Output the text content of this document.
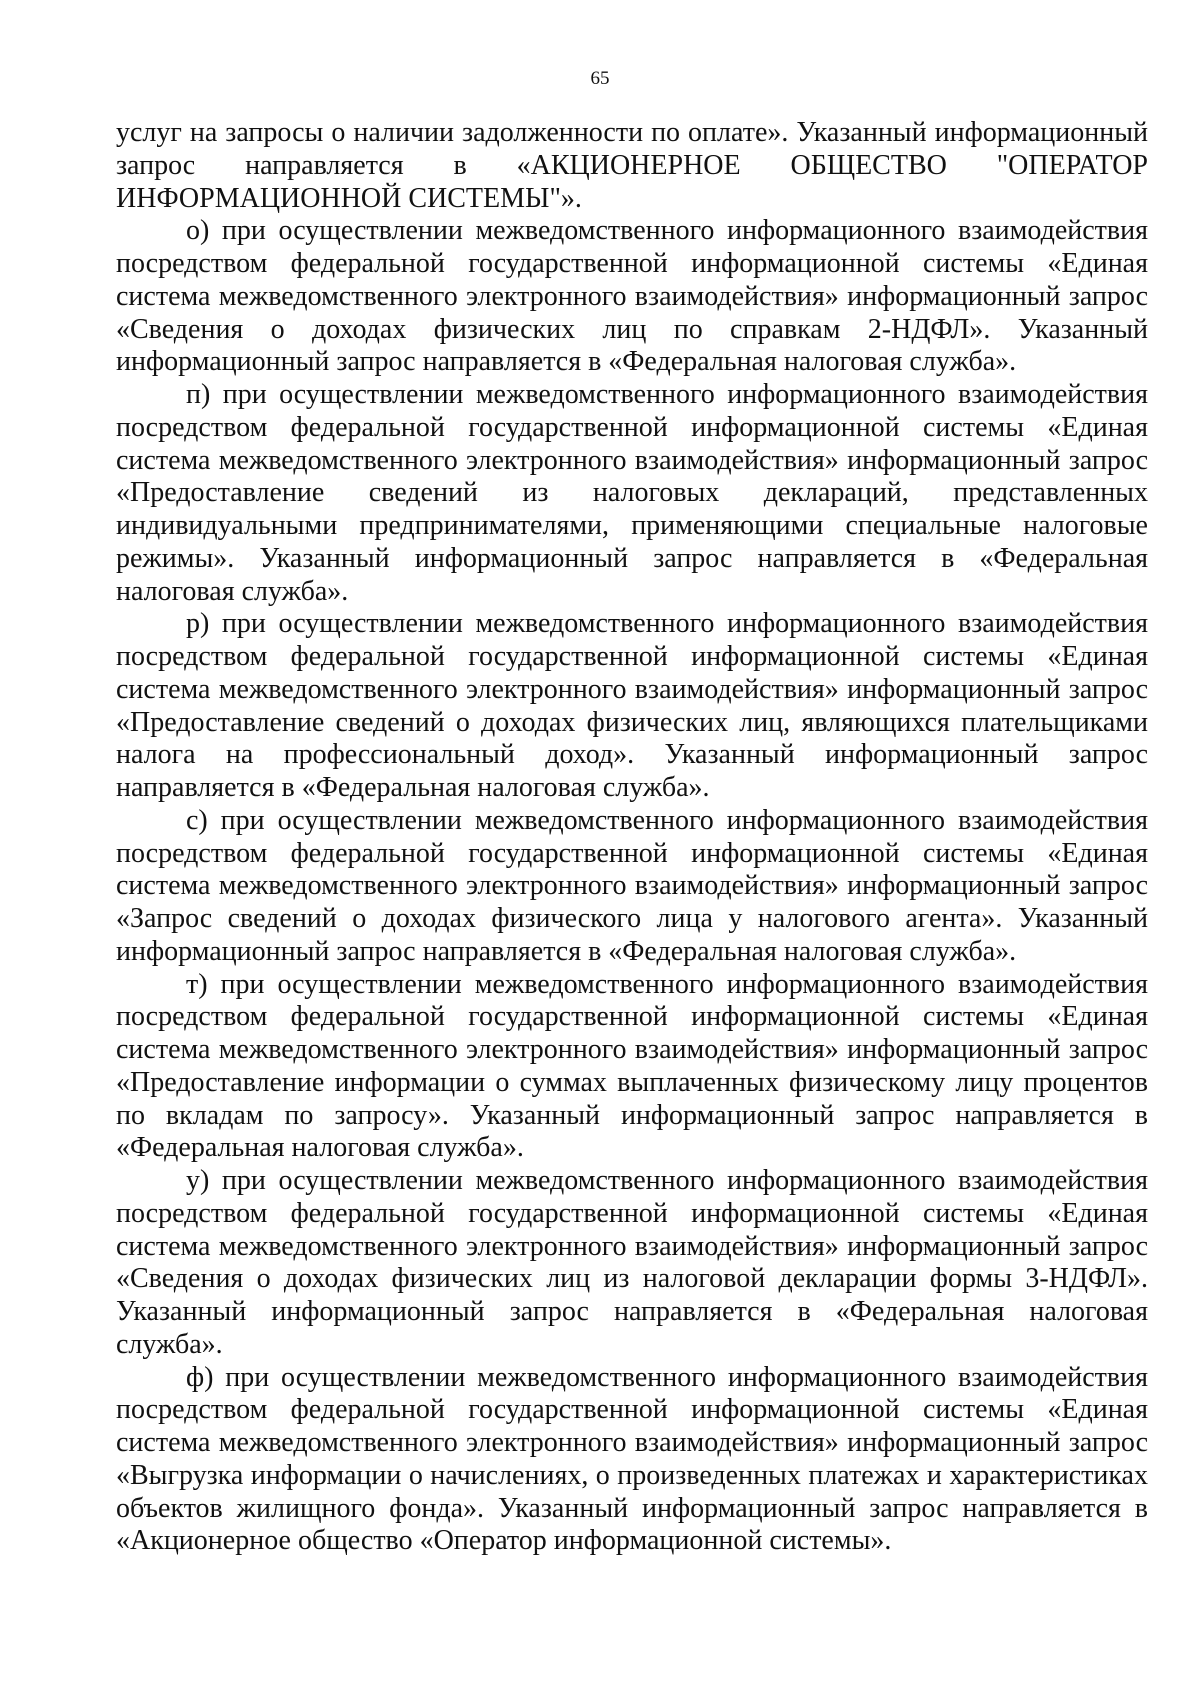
65

услуг на запросы о наличии задолженности по оплате». Указанный информационный запрос направляется в «АКЦИОНЕРНОЕ ОБЩЕСТВО "ОПЕРАТОР ИНФОРМАЦИОННОЙ СИСТЕМЫ"».

о) при осуществлении межведомственного информационного взаимодействия посредством федеральной государственной информационной системы «Единая система межведомственного электронного взаимодействия» информационный запрос «Сведения о доходах физических лиц по справкам 2-НДФЛ». Указанный информационный запрос направляется в «Федеральная налоговая служба».

п) при осуществлении межведомственного информационного взаимодействия посредством федеральной государственной информационной системы «Единая система межведомственного электронного взаимодействия» информационный запрос «Предоставление сведений из налоговых деклараций, представленных индивидуальными предпринимателями, применяющими специальные налоговые режимы». Указанный информационный запрос направляется в «Федеральная налоговая служба».

р) при осуществлении межведомственного информационного взаимодействия посредством федеральной государственной информационной системы «Единая система межведомственного электронного взаимодействия» информационный запрос «Предоставление сведений о доходах физических лиц, являющихся плательщиками налога на профессиональный доход». Указанный информационный запрос направляется в «Федеральная налоговая служба».

с) при осуществлении межведомственного информационного взаимодействия посредством федеральной государственной информационной системы «Единая система межведомственного электронного взаимодействия» информационный запрос «Запрос сведений о доходах физического лица у налогового агента». Указанный информационный запрос направляется в «Федеральная налоговая служба».

т) при осуществлении межведомственного информационного взаимодействия посредством федеральной государственной информационной системы «Единая система межведомственного электронного взаимодействия» информационный запрос «Предоставление информации о суммах выплаченных физическому лицу процентов по вкладам по запросу». Указанный информационный запрос направляется в «Федеральная налоговая служба».

у) при осуществлении межведомственного информационного взаимодействия посредством федеральной государственной информационной системы «Единая система межведомственного электронного взаимодействия» информационный запрос «Сведения о доходах физических лиц из налоговой декларации формы 3-НДФЛ». Указанный информационный запрос направляется в «Федеральная налоговая служба».

ф) при осуществлении межведомственного информационного взаимодействия посредством федеральной государственной информационной системы «Единая система межведомственного электронного взаимодействия» информационный запрос «Выгрузка информации о начислениях, о произведенных платежах и характеристиках объектов жилищного фонда». Указанный информационный запрос направляется в «Акционерное общество «Оператор информационной системы».
